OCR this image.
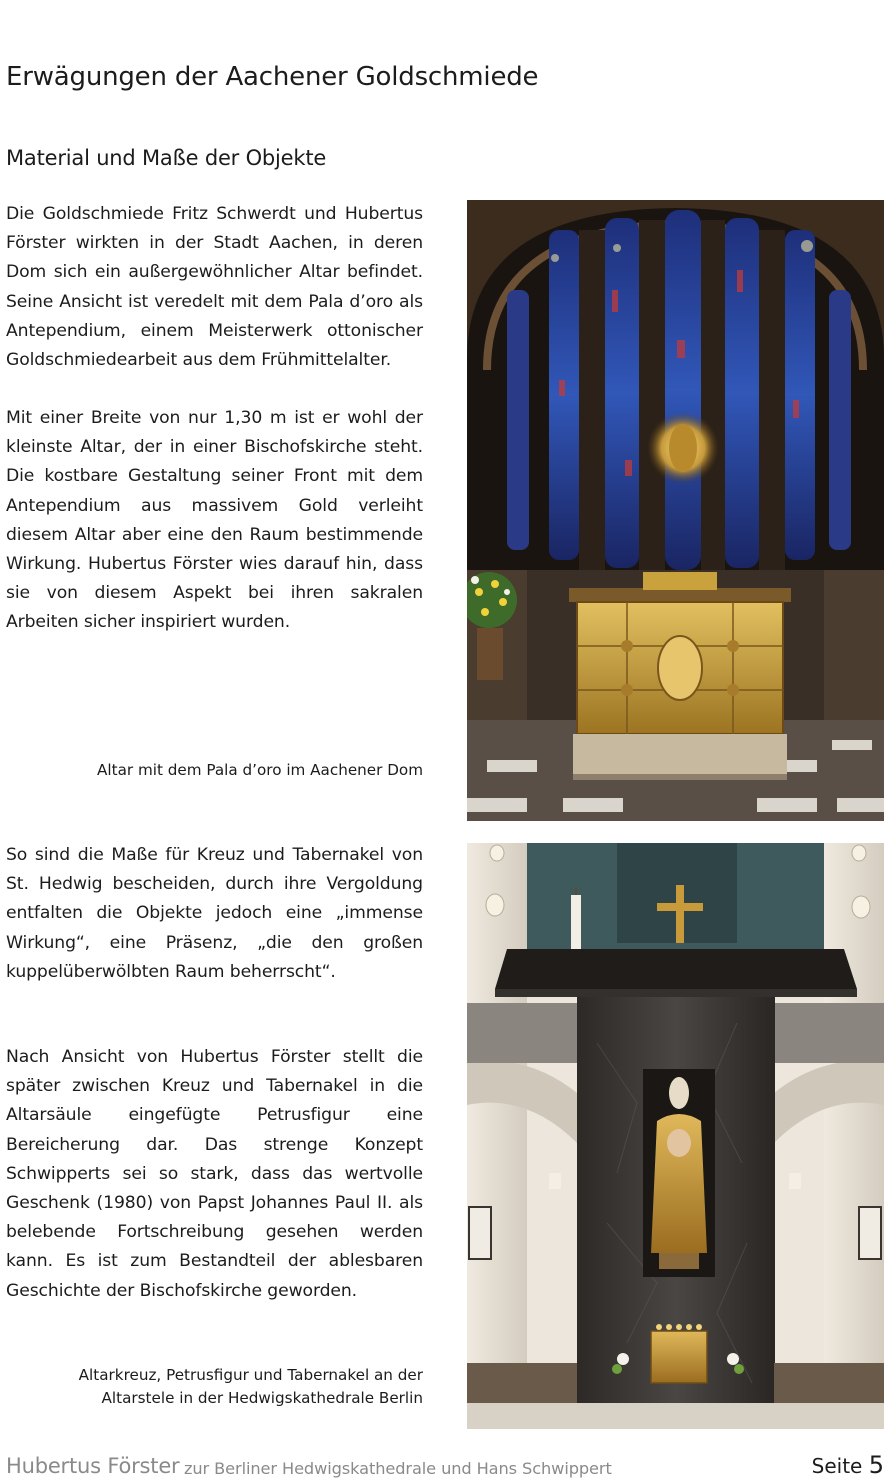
Erwägungen der Aachener Goldschmiede
Material und Maße der Objekte

Die Goldschmiede Fritz Schwerdt und Hubertus Förster wirkten in der Stadt Aachen, in deren Dom sich ein außergewöhnlicher Altar befindet. Seine Ansicht ist veredelt mit dem Pala d’oro als Antependium, einem Meisterwerk ottonischer Goldschmiedearbeit aus dem Frühmittelalter.

Mit einer Breite von nur 1,30 m ist er wohl der kleinste Altar, der in einer Bischofskirche steht. Die kostbare Gestaltung seiner Front mit dem Antependium aus massivem Gold verleiht diesem Altar aber eine den Raum bestimmende Wirkung. Hubertus Förster wies darauf hin, dass sie von diesem Aspekt bei ihren sakralen Arbeiten sicher inspiriert wurden.

Altar mit dem Pala d’oro im Aachener Dom

So sind die Maße für Kreuz und Tabernakel von St. Hedwig bescheiden, durch ihre Vergoldung entfalten die Objekte jedoch eine „immense Wirkung“, eine Präsenz, „die den großen kuppelüberwölbten Raum beherrscht“.

Nach Ansicht von Hubertus Förster stellt die später zwischen Kreuz und Tabernakel in die Altarsäule eingefügte Petrusfigur eine Bereicherung dar. Das strenge Konzept Schwipperts sei so stark, dass das wertvolle Geschenk (1980) von Papst Johannes Paul II. als belebende Fortschreibung gesehen werden kann. Es ist zum Bestandteil der ablesbaren Geschichte der Bischofskirche geworden.

Altarkreuz, Petrusfigur und Tabernakel an der
Altarstele in der Hedwigskathedrale Berlin

Hubertus Förster zur Berliner Hedwigskathedrale und Hans Schwippert	Seite 5
